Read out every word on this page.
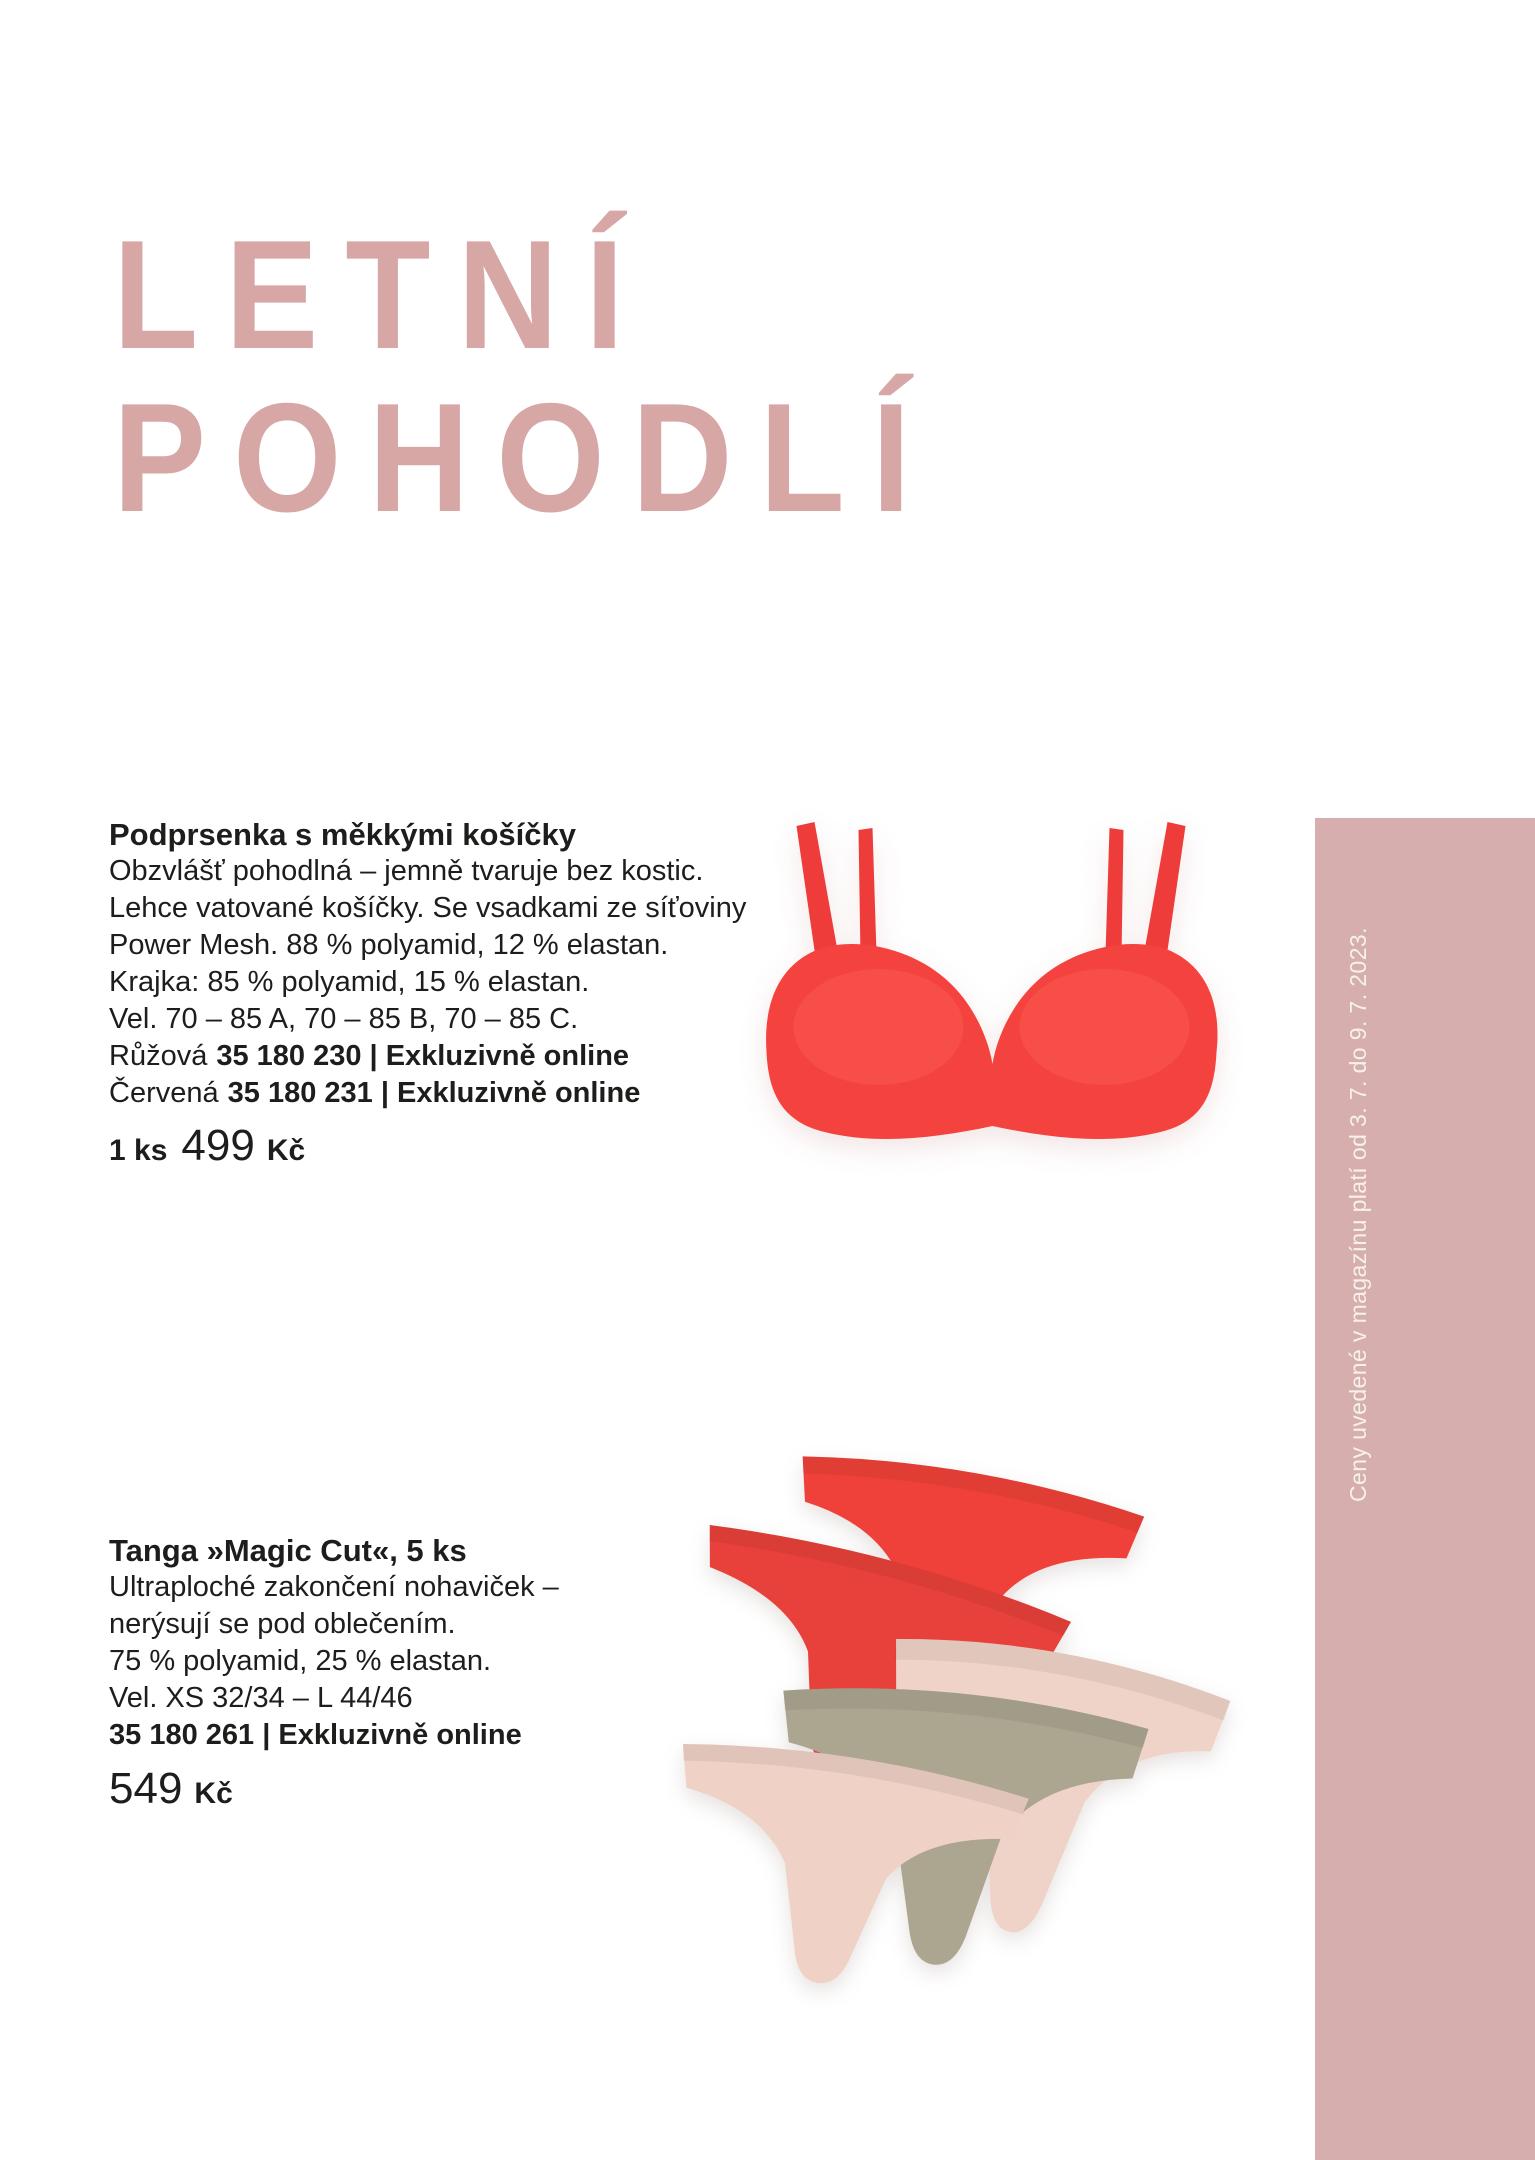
LETNÍ
POHODLÍ
Podprsenka s měkkými košíčky
Obzvlášť pohodlná – jemně tvaruje bez kostic.
Lehce vatované košíčky. Se vsadkami ze síťoviny
Power Mesh. 88 % polyamid, 12 % elastan.
Krajka: 85 % polyamid, 15 % elastan.
Vel. 70 – 85 A, 70 – 85 B, 70 – 85 C.
Růžová 35 180 230 | Exkluzivně online
Červená 35 180 231 | Exkluzivně online
1 ks 499 Kč
Tanga »Magic Cut«, 5 ks
Ultraploché zakončení nohaviček –
nerýsují se pod oblečením.
75 % polyamid, 25 % elastan.
Vel. XS 32/34 – L 44/46
35 180 261 | Exkluzivně online
549 Kč
Ceny uvedené v magazínu platí od 3. 7. do 9. 7. 2023.
